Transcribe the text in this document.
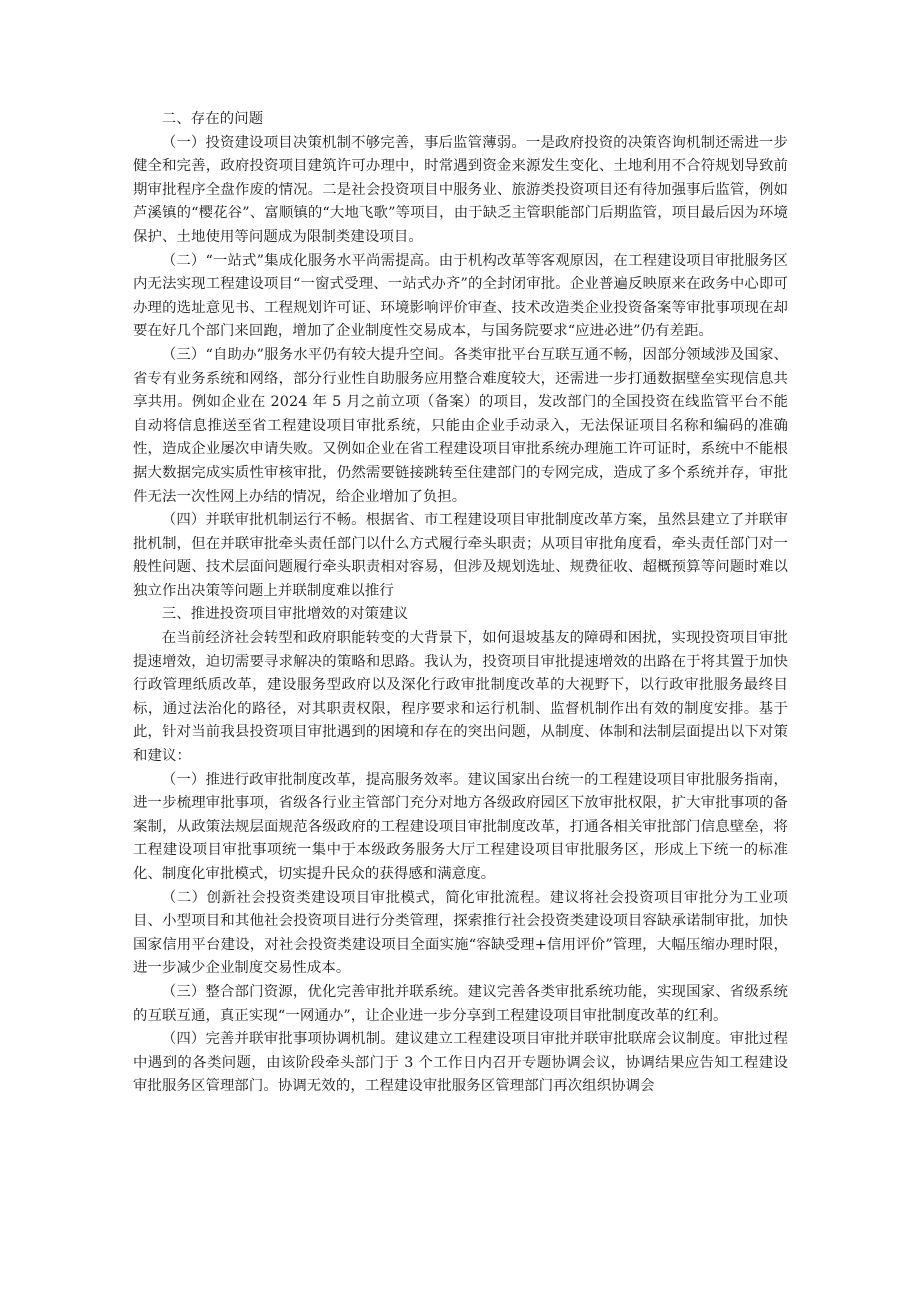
二、存在的问题

（一）投资建设项目决策机制不够完善，事后监管薄弱。一是政府投资的决策咨询机制还需进一步健全和完善，政府投资项目建筑许可办理中，时常遇到资金来源发生变化、土地利用不合符规划导致前期审批程序全盘作废的情况。二是社会投资项目中服务业、旅游类投资项目还有待加强事后监管，例如芦溪镇的“樱花谷”、富顺镇的“大地飞歌”等项目，由于缺乏主管职能部门后期监管，项目最后因为环境保护、土地使用等问题成为限制类建设项目。

（二）“一站式”集成化服务水平尚需提高。由于机构改革等客观原因，在工程建设项目审批服务区内无法实现工程建设项目“一窗式受理、一站式办齐”的全封闭审批。企业普遍反映原来在政务中心即可办理的选址意见书、工程规划许可证、环境影响评价审查、技术改造类企业投资备案等审批事项现在却要在好几个部门来回跑，增加了企业制度性交易成本，与国务院要求“应进必进”仍有差距。

（三）“自助办”服务水平仍有较大提升空间。各类审批平台互联互通不畅，因部分领域涉及国家、省专有业务系统和网络，部分行业性自助服务应用整合难度较大，还需进一步打通数据壁垒实现信息共享共用。例如企业在 2024 年 5 月之前立项（备案）的项目，发改部门的全国投资在线监管平台不能自动将信息推送至省工程建设项目审批系统，只能由企业手动录入，无法保证项目名称和编码的准确性，造成企业屡次申请失败。又例如企业在省工程建设项目审批系统办理施工许可证时，系统中不能根据大数据完成实质性审核审批，仍然需要链接跳转至住建部门的专网完成，造成了多个系统并存，审批件无法一次性网上办结的情况，给企业增加了负担。

（四）并联审批机制运行不畅。根据省、市工程建设项目审批制度改革方案，虽然县建立了并联审批机制，但在并联审批牵头责任部门以什么方式履行牵头职责；从项目审批角度看，牵头责任部门对一般性问题、技术层面问题履行牵头职责相对容易，但涉及规划选址、规费征收、超概预算等问题时难以独立作出决策等问题上并联制度难以推行

三、推进投资项目审批增效的对策建议

在当前经济社会转型和政府职能转变的大背景下，如何退坡基友的障碍和困扰，实现投资项目审批提速增效，迫切需要寻求解决的策略和思路。我认为，投资项目审批提速增效的出路在于将其置于加快行政管理纸质改革，建设服务型政府以及深化行政审批制度改革的大视野下，以行政审批服务最终目标，通过法治化的路径，对其职责权限，程序要求和运行机制、监督机制作出有效的制度安排。基于此，针对当前我县投资项目审批遇到的困境和存在的突出问题，从制度、体制和法制层面提出以下对策和建议：

（一）推进行政审批制度改革，提高服务效率。建议国家出台统一的工程建设项目审批服务指南，进一步梳理审批事项，省级各行业主管部门充分对地方各级政府园区下放审批权限，扩大审批事项的备案制，从政策法规层面规范各级政府的工程建设项目审批制度改革，打通各相关审批部门信息壁垒，将工程建设项目审批事项统一集中于本级政务服务大厅工程建设项目审批服务区，形成上下统一的标准化、制度化审批模式，切实提升民众的获得感和满意度。

（二）创新社会投资类建设项目审批模式，简化审批流程。建议将社会投资项目审批分为工业项目、小型项目和其他社会投资项目进行分类管理，探索推行社会投资类建设项目容缺承诺制审批，加快国家信用平台建设，对社会投资类建设项目全面实施“容缺受理+信用评价”管理，大幅压缩办理时限，进一步减少企业制度交易性成本。

（三）整合部门资源，优化完善审批并联系统。建议完善各类审批系统功能，实现国家、省级系统的互联互通，真正实现“一网通办”，让企业进一步分享到工程建设项目审批制度改革的红利。

（四）完善并联审批事项协调机制。建议建立工程建设项目审批并联审批联席会议制度。审批过程中遇到的各类问题，由该阶段牵头部门于 3 个工作日内召开专题协调会议，协调结果应告知工程建设审批服务区管理部门。协调无效的，工程建设审批服务区管理部门再次组织协调会
